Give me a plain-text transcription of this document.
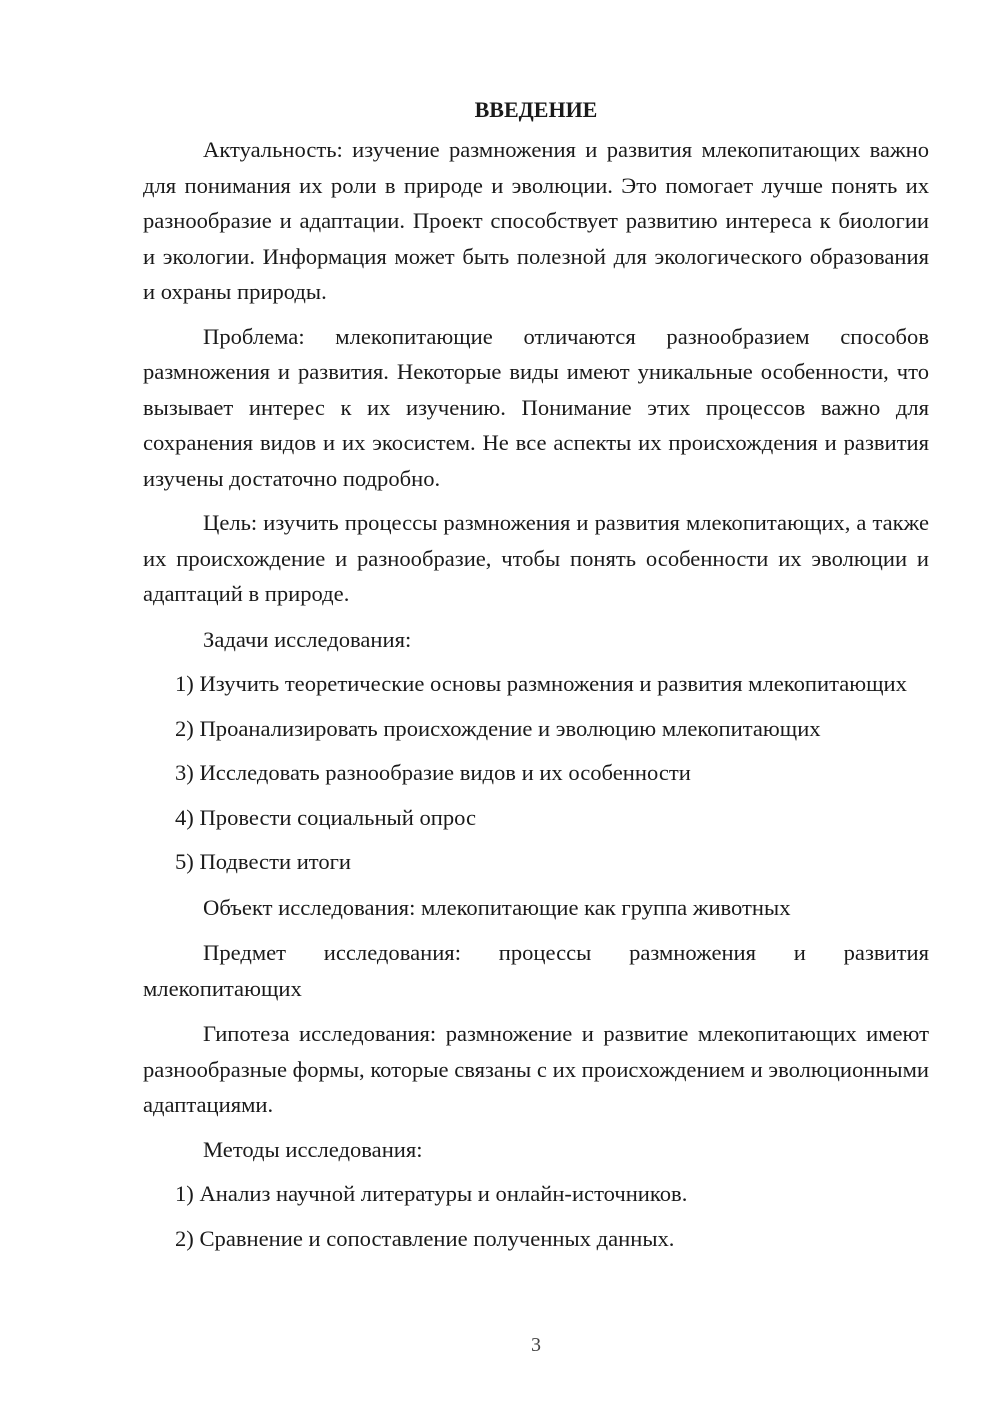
ВВЕДЕНИЕ

Актуальность: изучение размножения и развития млекопитающих важно для понимания их роли в природе и эволюции. Это помогает лучше понять их разнообразие и адаптации. Проект способствует развитию интереса к биологии и экологии. Информация может быть полезной для экологического образования и охраны природы.

Проблема: млекопитающие отличаются разнообразием способов размножения и развития. Некоторые виды имеют уникальные особенности, что вызывает интерес к их изучению. Понимание этих процессов важно для сохранения видов и их экосистем. Не все аспекты их происхождения и развития изучены достаточно подробно.

Цель: изучить процессы размножения и развития млекопитающих, а также их происхождение и разнообразие, чтобы понять особенности их эволюции и адаптаций в природе.

Задачи исследования:

1) Изучить теоретические основы размножения и развития млекопитающих

2) Проанализировать происхождение и эволюцию млекопитающих

3) Исследовать разнообразие видов и их особенности

4) Провести социальный опрос

5) Подвести итоги

Объект исследования: млекопитающие как группа животных

Предмет исследования: процессы размножения и развития млекопитающих

Гипотеза исследования: размножение и развитие млекопитающих имеют разнообразные формы, которые связаны с их происхождением и эволюционными адаптациями.

Методы исследования:

1) Анализ научной литературы и онлайн-источников.

2) Сравнение и сопоставление полученных данных.

3
